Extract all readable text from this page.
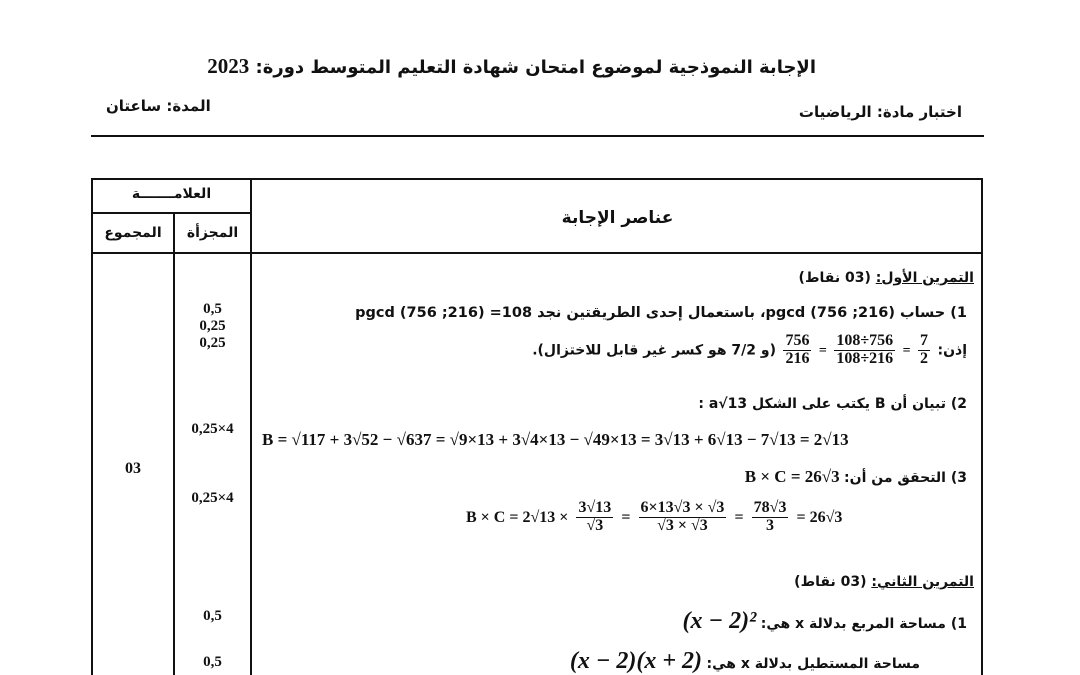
الإجابة النموذجية لموضوع امتحان شهادة التعليم المتوسط دورة: 2023
اختبار مادة: الرياضيات
المدة: ساعتان
العلامـــــــة
المجزأة
المجموع
عناصر الإجابة
0,5
0,25
0,25
0,25×4
0,25×4
0,5
0,5
03
التمرين الأول: (03 نقاط)
1) حساب (216; 756) pgcd، باستعمال إحدى الطريقتين نجد 108= (216; 756) pgcd
إذن:
$\frac{7}{2}$
=
$\frac{756\div 108}{216\div 108}$
=
$\frac{756}{216}$
(و 7/2 هو كسر غير قابل للاختزال).
2) تبيان أن B يكتب على الشكل a√13 :
B = √117 + 3√52 − √637 = √9×13 + 3√4×13 − √49×13 = 3√13 + 6√13 − 7√13 = 2√13
3) التحقق من أن: B × C = 26√3
$B \times C = 2√13 \times \frac{3√13}{√3} = \frac{6\times 13√3 \times √3}{√3 \times √3} = \frac{78√3}{3} = 26√3$
التمرين الثاني: (03 نقاط)
1) مساحة المربع بدلالة x هي: (x − 2)²
مساحة المستطيل بدلالة x هي: (x − 2)(x + 2)
